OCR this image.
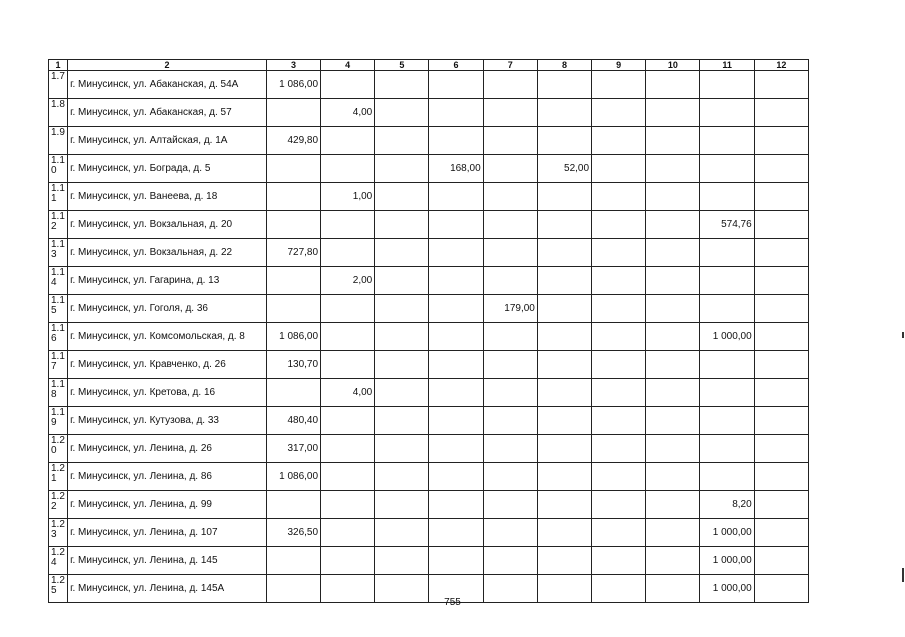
1	2	3	4	5	6	7	8	9	10	11	12
1.7	г. Минусинск, ул. Абаканская, д. 54А	1 086,00									
1.8	г. Минусинск, ул. Абаканская, д. 57		4,00								
1.9	г. Минусинск, ул. Алтайская, д. 1А	429,80									
1.10	г. Минусинск, ул. Бограда, д. 5				168,00		52,00				
1.11	г. Минусинск, ул. Ванеева, д. 18		1,00								
1.12	г. Минусинск, ул. Вокзальная, д. 20									574,76	
1.13	г. Минусинск, ул. Вокзальная, д. 22	727,80									
1.14	г. Минусинск, ул. Гагарина, д. 13		2,00								
1.15	г. Минусинск, ул. Гоголя, д. 36					179,00					
1.16	г. Минусинск, ул. Комсомольская, д. 8	1 086,00								1 000,00	
1.17	г. Минусинск, ул. Кравченко, д. 26	130,70									
1.18	г. Минусинск, ул. Кретова, д. 16		4,00								
1.19	г. Минусинск, ул. Кутузова, д. 33	480,40									
1.20	г. Минусинск, ул. Ленина, д. 26	317,00									
1.21	г. Минусинск, ул. Ленина, д. 86	1 086,00									
1.22	г. Минусинск, ул. Ленина, д. 99									8,20	
1.23	г. Минусинск, ул. Ленина, д. 107	326,50								1 000,00	
1.24	г. Минусинск, ул. Ленина, д. 145									1 000,00	
1.25	г. Минусинск, ул. Ленина, д. 145А									1 000,00	
755
